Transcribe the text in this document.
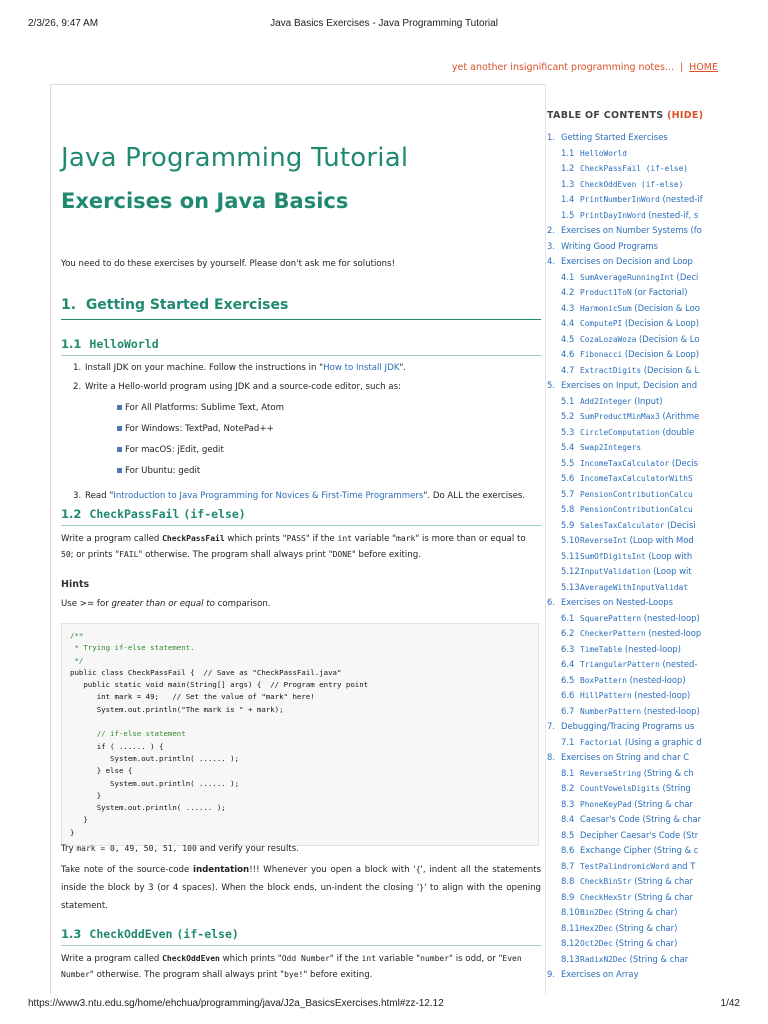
2/3/26, 9:47 AM	Java Basics Exercises - Java Programming Tutorial
yet another insignificant programming notes... | HOME
Java Programming Tutorial
Exercises on Java Basics

You need to do these exercises by yourself. Please don't ask me for solutions!

1. Getting Started Exercises
1.1 HelloWorld
1. Install JDK on your machine. Follow the instructions in "How to Install JDK".
2. Write a Hello-world program using JDK and a source-code editor, such as:
For All Platforms: Sublime Text, Atom
For Windows: TextPad, NotePad++
For macOS: jEdit, gedit
For Ubuntu: gedit
3. Read "Introduction to Java Programming for Novices & First-Time Programmers". Do ALL the exercises.
1.2 CheckPassFail (if-else)

Write a program called CheckPassFail which prints "PASS" if the int variable "mark" is more than or equal to
50; or prints "FAIL" otherwise. The program shall always print "DONE" before exiting.

Hints

Use >= for greater than or equal to comparison.

/**
* Trying if-else statement.
*/
public class CheckPassFail {  // Save as "CheckPassFail.java"
public static void main(String[] args) {  // Program entry point
int mark = 49;   // Set the value of "mark" here!
System.out.println("The mark is " + mark);

// if-else statement
if ( ...... ) {
System.out.println( ...... );
} else {
System.out.println( ...... );
}
System.out.println( ...... );
}
}

Try mark = 0, 49, 50, 51, 100 and verify your results.

Take note of the source-code indentation!!! Whenever you open a block with '{', indent all the statements inside the block by 3 (or 4 spaces). When the block ends, un-indent the closing '}' to align with the opening statement.

1.3 CheckOddEven (if-else)

Write a program called CheckOddEven which prints "Odd Number" if the int variable "number" is odd, or "Even
Number" otherwise. The program shall always print "bye!" before exiting.

TABLE OF CONTENTS (HIDE)
1. Getting Started Exercises
1.1 HelloWorld
1.2 CheckPassFail (if-else)
1.3 CheckOddEven (if-else)
1.4 PrintNumberInWord (nested-if
1.5 PrintDayInWord (nested-if, s
2. Exercises on Number Systems (fo
3. Writing Good Programs
4. Exercises on Decision and Loop
4.1 SumAverageRunningInt (Deci
4.2 Product1ToN (or Factorial)
4.3 HarmonicSum (Decision & Loo
4.4 ComputePI (Decision & Loop)
4.5 CozaLozaWoza (Decision & Lo
4.6 Fibonacci (Decision & Loop)
4.7 ExtractDigits (Decision & L
5. Exercises on Input, Decision and
5.1 Add2Integer (Input)
5.2 SumProductMinMax3 (Arithme
5.3 CircleComputation (double
5.4 Swap2Integers
5.5 IncomeTaxCalculator (Decis
5.6 IncomeTaxCalculatorWithS
5.7 PensionContributionCalcu
5.8 PensionContributionCalcu
5.9 SalesTaxCalculator (Decisi
5.10ReverseInt (Loop with Mod
5.11SumOfDigitsInt (Loop with
5.12InputValidation (Loop wit
5.13AverageWithInputValidat
6. Exercises on Nested-Loops
6.1 SquarePattern (nested-loop)
6.2 CheckerPattern (nested-loop
6.3 TimeTable (nested-loop)
6.4 TriangularPattern (nested-
6.5 BoxPattern (nested-loop)
6.6 HillPattern (nested-loop)
6.7 NumberPattern (nested-loop)
7. Debugging/Tracing Programs us
7.1 Factorial (Using a graphic d
8. Exercises on String and char C
8.1 ReverseString (String & ch
8.2 CountVowelsDigits (String
8.3 PhoneKeyPad (String & char
8.4 Caesar's Code (String & char
8.5 Decipher Caesar's Code (Str
8.6 Exchange Cipher (String & c
8.7 TestPalindromicWord and T
8.8 CheckBinStr (String & char
8.9 CheckHexStr (String & char
8.10Bin2Dec (String & char)
8.11Hex2Dec (String & char)
8.12Oct2Dec (String & char)
8.13RadixN2Dec (String & char
9. Exercises on Array
https://www3.ntu.edu.sg/home/ehchua/programming/java/J2a_BasicsExercises.html#zz-12.12	1/42
